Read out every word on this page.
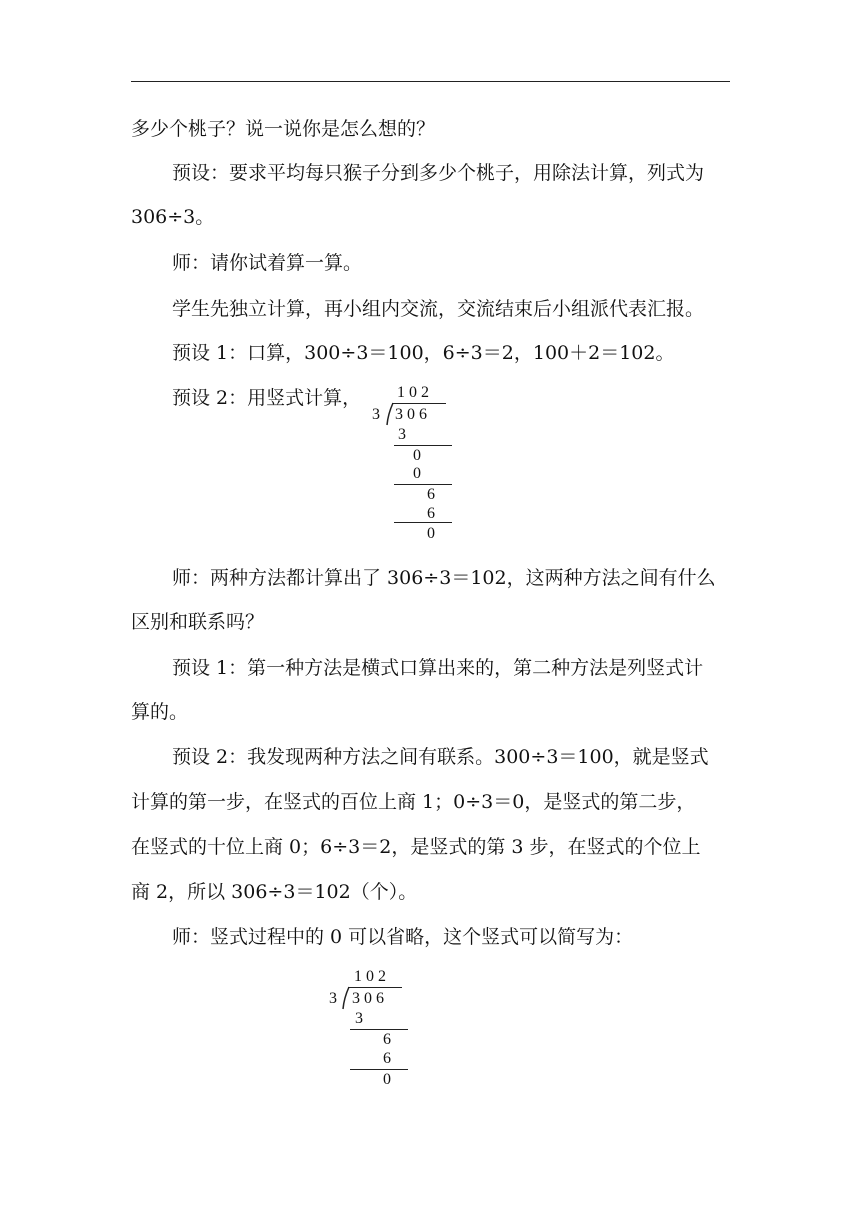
多少个桃子？说一说你是怎么想的？
预设：要求平均每只猴子分到多少个桃子，用除法计算，列式为
306÷3。
师：请你试着算一算。
学生先独立计算，再小组内交流，交流结束后小组派代表汇报。
预设 1：口算，300÷3＝100，6÷3＝2，100＋2＝102。
预设 2：用竖式计算， 1 0 2
3 3 0 6
3
0
0
6
6
0
师：两种方法都计算出了 306÷3＝102，这两种方法之间有什么
区别和联系吗？
预设 1：第一种方法是横式口算出来的，第二种方法是列竖式计
算的。
预设 2：我发现两种方法之间有联系。300÷3＝100，就是竖式
计算的第一步，在竖式的百位上商 1；0÷3＝0，是竖式的第二步，
在竖式的十位上商 0；6÷3＝2，是竖式的第 3 步，在竖式的个位上
商 2，所以 306÷3＝102（个）。
师：竖式过程中的 0 可以省略，这个竖式可以简写为：
1 0 2
3 3 0 6
3
6
6
0
